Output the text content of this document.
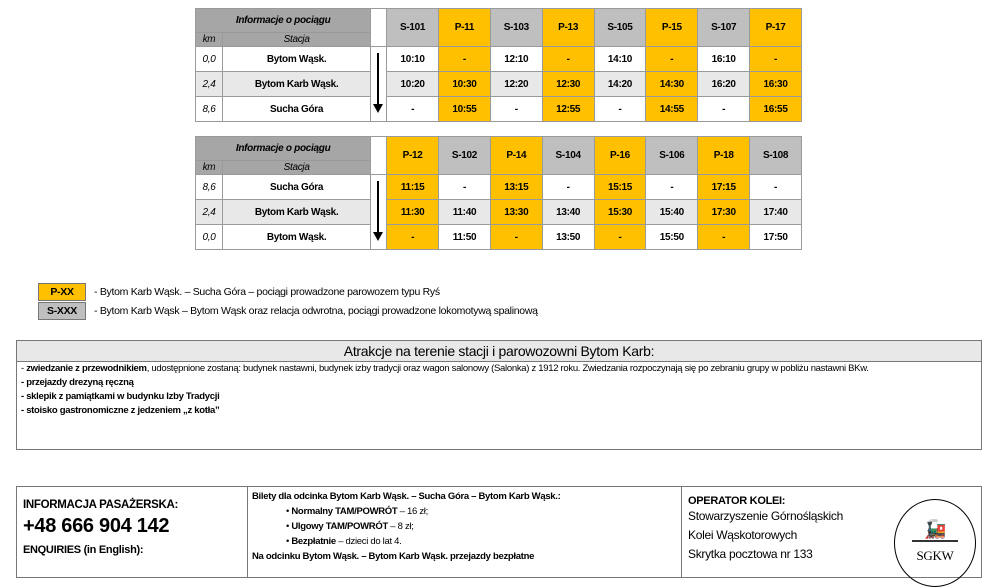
Informacje o pociągu			S-101	P-11	S-103	P-13	S-105	P-15	S-107	P-17
km	Stacja									
0,0	Bytom Wąsk.		10:10	-	12:10	-	14:10	-	16:10	-
2,4	Bytom Karb Wąsk.		10:20	10:30	12:20	12:30	14:20	14:30	16:20	16:30
8,6	Sucha Góra		-	10:55	-	12:55	-	14:55	-	16:55
Informacje o pociągu			P-12	S-102	P-14	S-104	P-16	S-106	P-18	S-108
km	Stacja									
8,6	Sucha Góra		11:15	-	13:15	-	15:15	-	17:15	-
2,4	Bytom Karb Wąsk.		11:30	11:40	13:30	13:40	15:30	15:40	17:30	17:40
0,0	Bytom Wąsk.		-	11:50	-	13:50	-	15:50	-	17:50
P-XX	- Bytom Karb Wąsk. – Sucha Góra – pociągi prowadzone parowozem typu Ryś
S-XXX	- Bytom Karb Wąsk – Bytom Wąsk oraz relacja odwrotna, pociągi prowadzone lokomotywą spalinową
Atrakcje na terenie stacji i parowozowni Bytom Karb:

- zwiedzanie z przewodnikiem, udostępnione zostaną: budynek nastawni, budynek izby tradycji oraz wagon salonowy (Salonka) z 1912 roku. Zwiedzania rozpoczynają się po zebraniu grupy w pobliżu nastawni BKw.

- przejazdy drezyną ręczną

- sklepik z pamiątkami w budynku Izby Tradycji

- stoisko gastronomiczne z jedzeniem „z kotła”

INFORMACJA PASAŻERSKA:
+48 666 904 142
ENQUIRIES (in English):
Bilety dla odcinka Bytom Karb Wąsk. – Sucha Góra – Bytom Karb Wąsk.:
• Normalny TAM/POWRÓT – 16 zł;
• Ulgowy TAM/POWRÓT – 8 zł;
• Bezpłatnie – dzieci do lat 4.
Na odcinku Bytom Wąsk. – Bytom Karb Wąsk. przejazdy bezpłatne
OPERATOR KOLEI:
Stowarzyszenie Górnośląskich
Kolei Wąskotorowych
Skrytka pocztowa nr 133
🚂
SGKW
